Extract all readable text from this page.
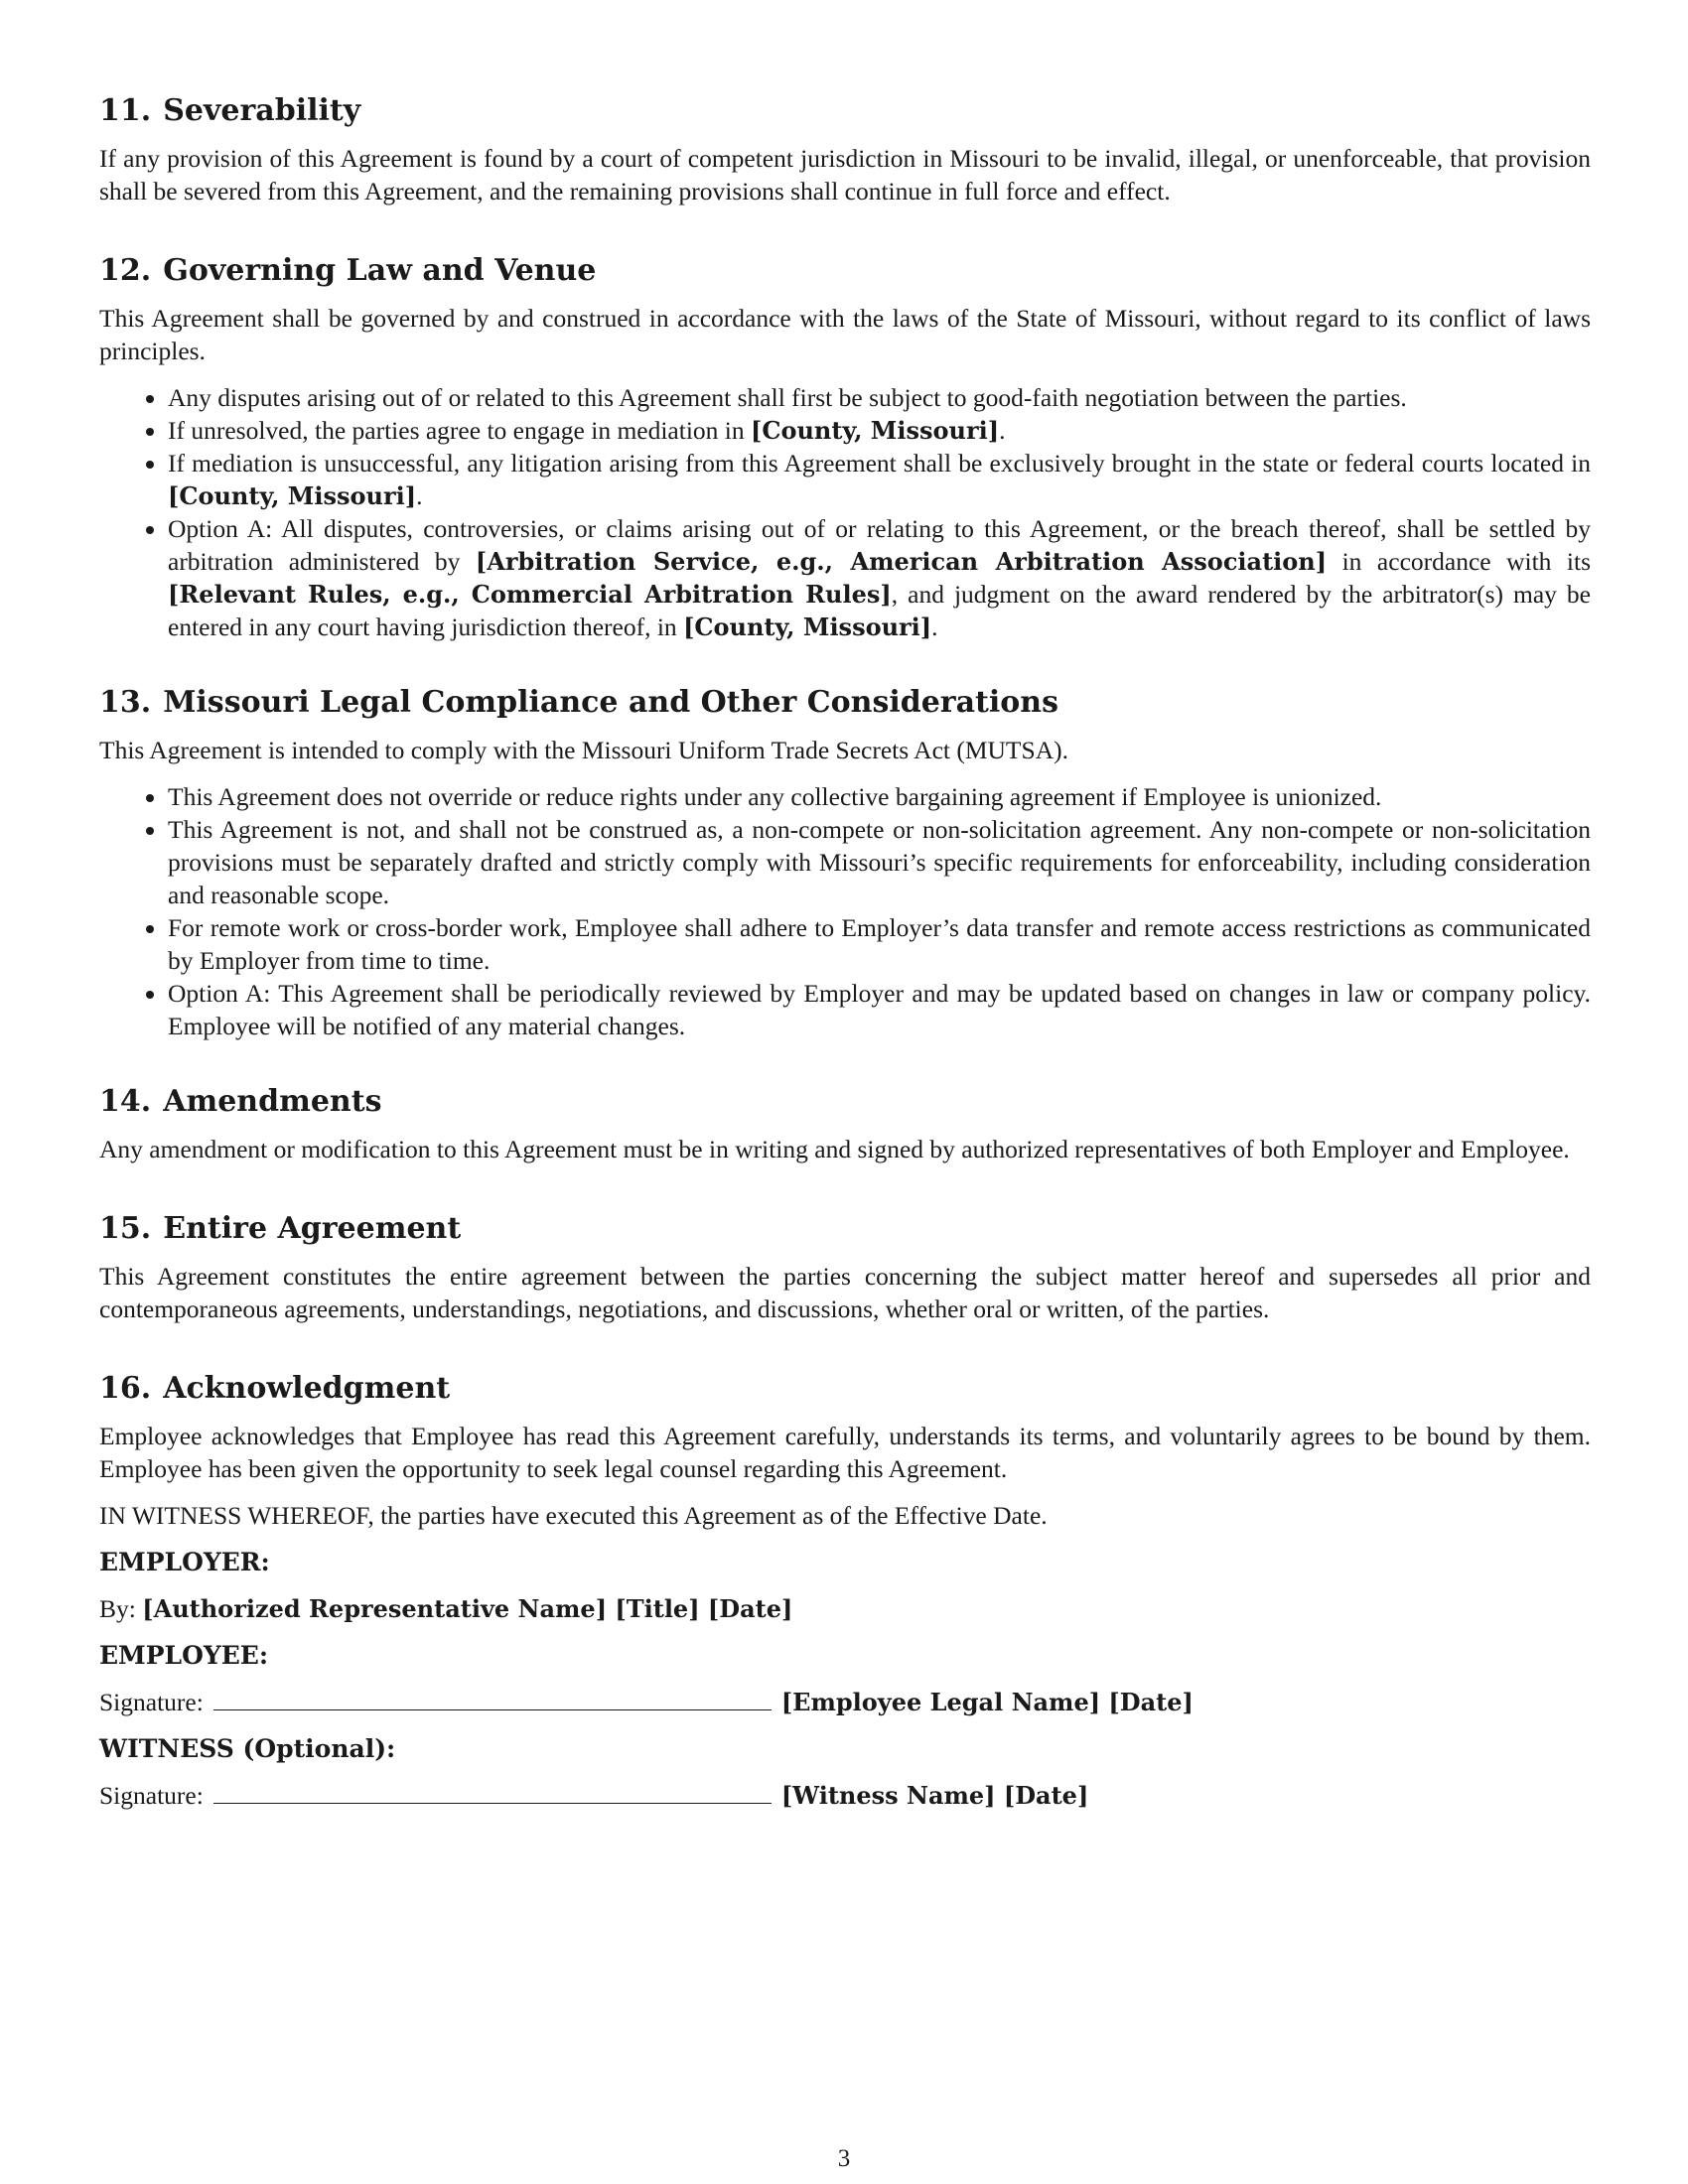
11. Severability

If any provision of this Agreement is found by a court of competent jurisdiction in Missouri to be invalid, illegal, or unenforceable, that provision shall be severed from this Agreement, and the remaining provisions shall continue in full force and effect.

12. Governing Law and Venue

This Agreement shall be governed by and construed in accordance with the laws of the State of Missouri, without regard to its conflict of laws principles.

• Any disputes arising out of or related to this Agreement shall first be subject to good-faith negotiation between the parties.
• If unresolved, the parties agree to engage in mediation in [County, Missouri].
• If mediation is unsuccessful, any litigation arising from this Agreement shall be exclusively brought in the state or federal courts located in [County, Missouri].
• Option A: All disputes, controversies, or claims arising out of or relating to this Agreement, or the breach thereof, shall be settled by arbitration administered by [Arbitration Service, e.g., American Arbitration Association] in accordance with its [Relevant Rules, e.g., Commercial Arbitration Rules], and judgment on the award rendered by the arbitrator(s) may be entered in any court having jurisdiction thereof, in [County, Missouri].
13. Missouri Legal Compliance and Other Considerations

This Agreement is intended to comply with the Missouri Uniform Trade Secrets Act (MUTSA).

• This Agreement does not override or reduce rights under any collective bargaining agreement if Employee is unionized.
• This Agreement is not, and shall not be construed as, a non-compete or non-solicitation agreement. Any non-compete or non-solicitation provisions must be separately drafted and strictly comply with Missouri’s specific requirements for enforceability, including consideration and reasonable scope.
• For remote work or cross-border work, Employee shall adhere to Employer’s data transfer and remote access restrictions as communicated by Employer from time to time.
• Option A: This Agreement shall be periodically reviewed by Employer and may be updated based on changes in law or company policy. Employee will be notified of any material changes.
14. Amendments

Any amendment or modification to this Agreement must be in writing and signed by authorized representatives of both Employer and Employee.

15. Entire Agreement

This Agreement constitutes the entire agreement between the parties concerning the subject matter hereof and supersedes all prior and contemporaneous agreements, understandings, negotiations, and discussions, whether oral or written, of the parties.

16. Acknowledgment

Employee acknowledges that Employee has read this Agreement carefully, understands its terms, and voluntarily agrees to be bound by them. Employee has been given the opportunity to seek legal counsel regarding this Agreement.

IN WITNESS WHEREOF, the parties have executed this Agreement as of the Effective Date.

EMPLOYER:
By: [Authorized Representative Name] [Title] [Date]
EMPLOYEE:
Signature:	[Employee Legal Name] [Date]
WITNESS (Optional):
Signature:	[Witness Name] [Date]
3
